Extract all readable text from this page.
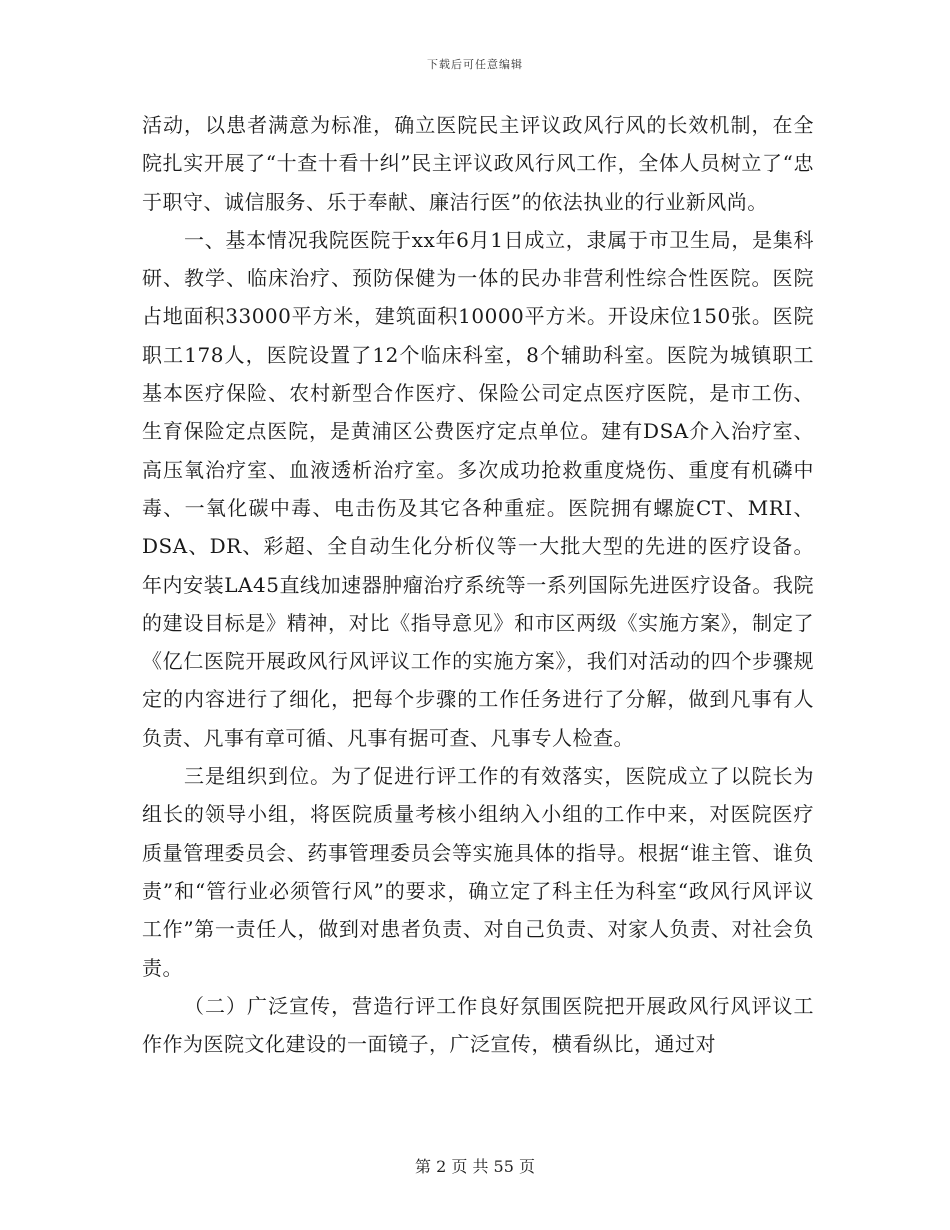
下载后可任意编辑

活动，以患者满意为标准，确立医院民主评议政风行风的长效机制，在全院扎实开展了“十查十看十纠”民主评议政风行风工作，全体人员树立了“忠于职守、诚信服务、乐于奉献、廉洁行医”的依法执业的行业新风尚。

一、基本情况我院医院于xx年6月1日成立，隶属于市卫生局，是集科研、教学、临床治疗、预防保健为一体的民办非营利性综合性医院。医院占地面积33000平方米，建筑面积10000平方米。开设床位150张。医院职工178人，医院设置了12个临床科室，8个辅助科室。医院为城镇职工基本医疗保险、农村新型合作医疗、保险公司定点医疗医院，是市工伤、生育保险定点医院，是黄浦区公费医疗定点单位。建有DSA介入治疗室、高压氧治疗室、血液透析治疗室。多次成功抢救重度烧伤、重度有机磷中毒、一氧化碳中毒、电击伤及其它各种重症。医院拥有螺旋CT、MRI、DSA、DR、彩超、全自动生化分析仪等一大批大型的先进的医疗设备。年内安装LA45直线加速器肿瘤治疗系统等一系列国际先进医疗设备。我院的建设目标是》精神，对比《指导意见》和市区两级《实施方案》，制定了《亿仁医院开展政风行风评议工作的实施方案》，我们对活动的四个步骤规定的内容进行了细化，把每个步骤的工作任务进行了分解，做到凡事有人负责、凡事有章可循、凡事有据可查、凡事专人检查。

三是组织到位。为了促进行评工作的有效落实，医院成立了以院长为组长的领导小组，将医院质量考核小组纳入小组的工作中来，对医院医疗质量管理委员会、药事管理委员会等实施具体的指导。根据“谁主管、谁负责”和“管行业必须管行风”的要求，确立定了科主任为科室“政风行风评议工作”第一责任人，做到对患者负责、对自己负责、对家人负责、对社会负责。

（二）广泛宣传，营造行评工作良好氛围医院把开展政风行风评议工作作为医院文化建设的一面镜子，广泛宣传，横看纵比，通过对

第 2 页 共 55 页
